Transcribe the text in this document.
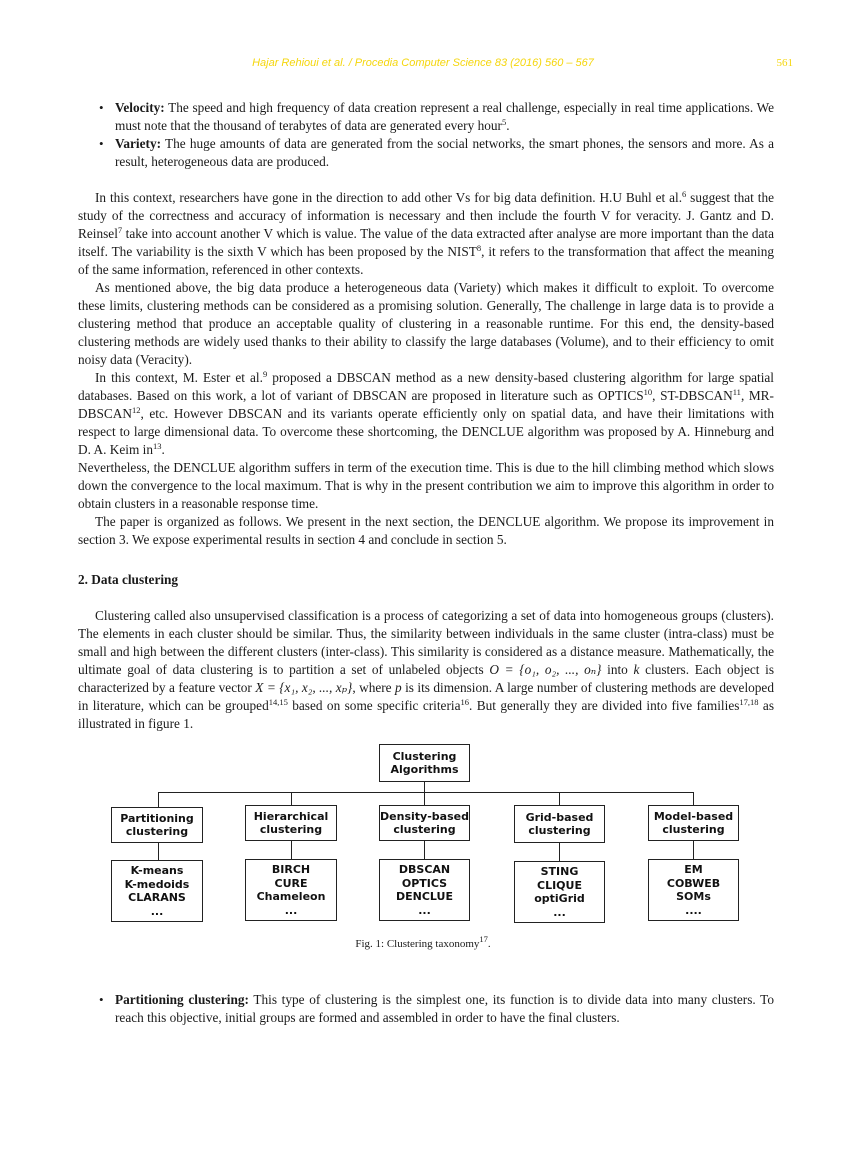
Hajar Rehioui et al. / Procedia Computer Science 83 (2016) 560 – 567	561
• Velocity: The speed and high frequency of data creation represent a real challenge, especially in real time applications. We must note that the thousand of terabytes of data are generated every hour$^5$.
• Variety: The huge amounts of data are generated from the social networks, the smart phones, the sensors and more. As a result, heterogeneous data are produced.

In this context, researchers have gone in the direction to add other Vs for big data definition. H.U Buhl et al.$^6$ suggest that the study of the correctness and accuracy of information is necessary and then include the fourth V for veracity. J. Gantz and D. Reinsel$^7$ take into account another V which is value. The value of the data extracted after analyse are more important than the data itself. The variability is the sixth V which has been proposed by the NIST$^8$, it refers to the transformation that affect the meaning of the same information, referenced in other contexts.

As mentioned above, the big data produce a heterogeneous data (Variety) which makes it difficult to exploit. To overcome these limits, clustering methods can be considered as a promising solution. Generally, The challenge in large data is to provide a clustering method that produce an acceptable quality of clustering in a reasonable runtime. For this end, the density-based clustering methods are widely used thanks to their ability to classify the large databases (Volume), and to their efficiency to omit noisy data (Veracity).

In this context, M. Ester et al.$^9$ proposed a DBSCAN method as a new density-based clustering algorithm for large spatial databases. Based on this work, a lot of variant of DBSCAN are proposed in literature such as OPTICS$^{10}$, ST-DBSCAN$^{11}$, MR-DBSCAN$^{12}$, etc. However DBSCAN and its variants operate efficiently only on spatial data, and have their limitations with respect to large dimensional data. To overcome these shortcoming, the DENCLUE algorithm was proposed by A. Hinneburg and D. A. Keim $in^{13}$.

Nevertheless, the DENCLUE algorithm suffers in term of the execution time. This is due to the hill climbing method which slows down the convergence to the local maximum. That is why in the present contribution we aim to improve this algorithm in order to obtain clusters in a reasonable response time.

The paper is organized as follows. We present in the next section, the DENCLUE algorithm. We propose its improvement in section 3. We expose experimental results in section 4 and conclude in section 5.

2. Data clustering

Clustering called also unsupervised classification is a process of categorizing a set of data into homogeneous groups (clusters). The elements in each cluster should be similar. Thus, the similarity between individuals in the same cluster (intra-class) must be small and high between the different clusters (inter-class). This similarity is considered as a distance measure. Mathematically, the ultimate goal of data clustering is to partition a set of unlabeled objects O = {o₁, o₂, ..., oₙ} into k clusters. Each object is characterized by a feature vector X = {x₁, x₂, ..., xₚ}, where p is its dimension. A large number of clustering methods are developed in literature, which can be grouped$^{14,15}$ based on some specific criteria$^{16}$. But generally they are divided into five families$^{17,18}$ as illustrated in figure 1.

Clustering
Algorithms
Partitioning
clustering
Hierarchical
clustering
Density-based
clustering
Grid-based
clustering
Model-based
clustering
K-means
K-medoids
CLARANS
...
BIRCH
CURE
Chameleon
...
DBSCAN
OPTICS
DENCLUE
...
STING
CLIQUE
optiGrid
...
EM
COBWEB
SOMs
....
Fig. 1: Clustering taxonomy$^{17}$.
• Partitioning clustering: This type of clustering is the simplest one, its function is to divide data into many clusters. To reach this objective, initial groups are formed and assembled in order to have the final clusters.
